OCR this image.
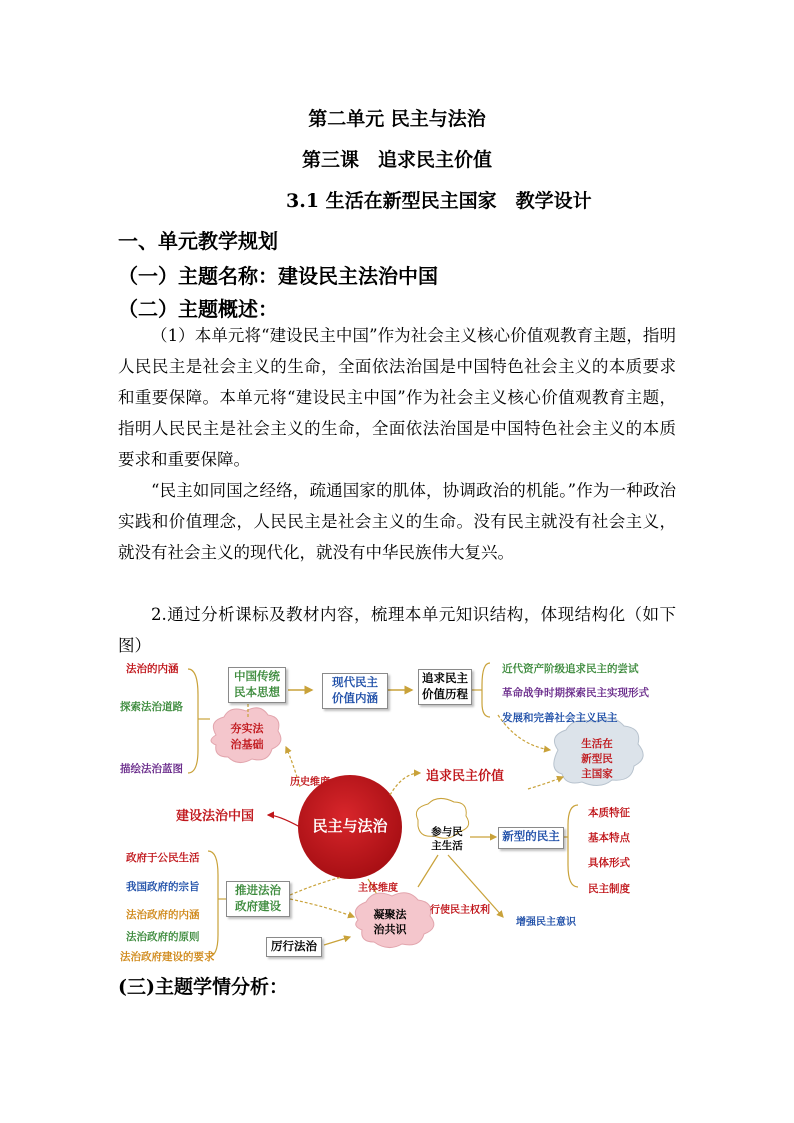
第二单元 民主与法治
第三课　追求民主价值
3.1 生活在新型民主国家　教学设计
一、单元教学规划
（一）主题名称：建设民主法治中国
（二）主题概述：
（1）本单元将“建设民主中国”作为社会主义核心价值观教育主题，指明人民民主是社会主义的生命，全面依法治国是中国特色社会主义的本质要求和重要保障。本单元将“建设民主中国”作为社会主义核心价值观教育主题，指明人民民主是社会主义的生命，全面依法治国是中国特色社会主义的本质要求和重要保障。
“民主如同国之经络，疏通国家的肌体，协调政治的机能。”作为一种政治实践和价值理念，人民民主是社会主义的生命。没有民主就没有社会主义，就没有社会主义的现代化，就没有中华民族伟大复兴。
2.通过分析课标及教材内容，梳理本单元知识结构，体现结构化（如下图）
法治的内涵
探索法治道路
描绘法治蓝图
夯实法
治基础
中国传统
民本思想
现代民主
价值内涵
追求民主
价值历程
近代资产阶级追求民主的尝试
革命战争时期探索民主实现形式
发展和完善社会主义民主
生活在
新型民
主国家
历史维度	追求民主价值
建设法治中国
民主与法治	参与民
主生活
新型的民主
本质特征
基本特点
具体形式
民主制度
主体维度
政府于公民生活
我国政府的宗旨
法治政府的内涵
法治政府的原则
法治政府建设的要求
推进法治
政府建设
厉行法治
凝聚法
治共识
行使民主权利
增强民主意识
(三)主题学情分析：
